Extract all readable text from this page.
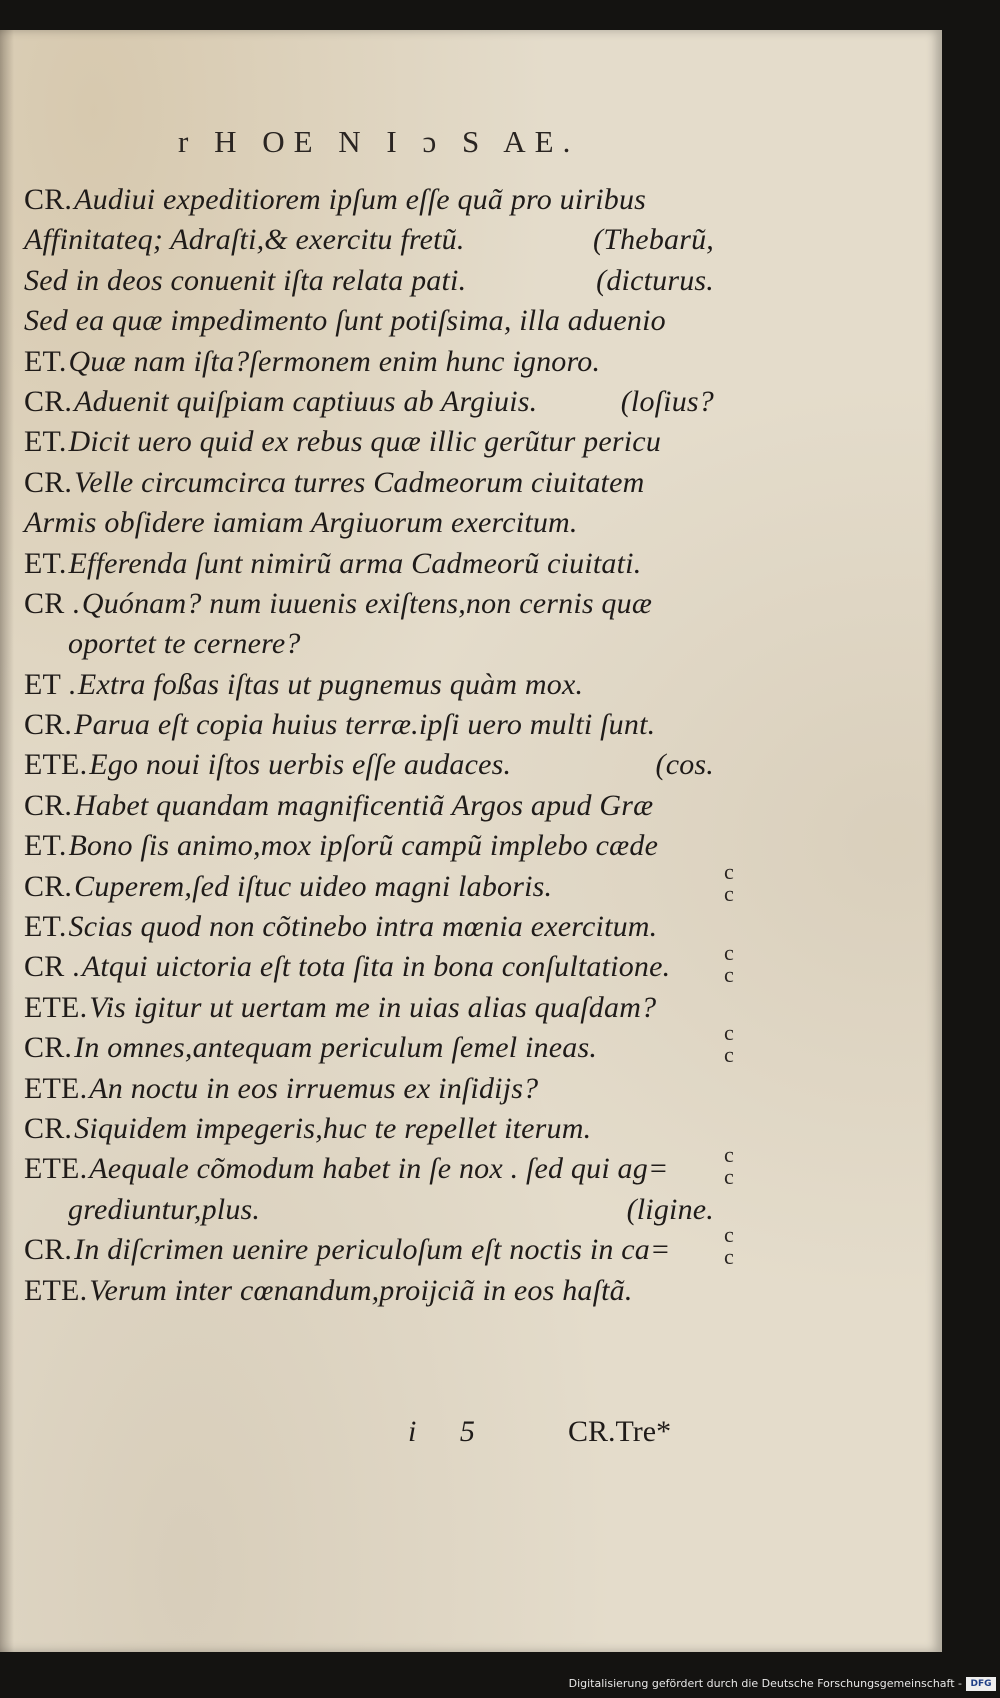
r H OE N I ɔ S AE.
CR.Audiui expeditiorem ipſum eſſe quã pro uiribus
Affinitateq; Adraſti,& exercitu fretũ.	(Thebarũ,
Sed in deos conuenit iſta relata pati.	(dicturus.
Sed ea quæ impedimento ſunt potiſsima, illa aduenio
ET.Quæ nam iſta?ſermonem enim hunc ignoro.
CR.Aduenit quiſpiam captiuus ab Argiuis.	(loſius?
ET.Dicit uero quid ex rebus quæ illic gerũtur pericu
CR.Velle circumcirca turres Cadmeorum ciuitatem
Armis obſidere iamiam Argiuorum exercitum.
ET.Efferenda ſunt nimirũ arma Cadmeorũ ciuitati.
CR .Quónam? num iuuenis exiſtens,non cernis quæ
oportet te cernere?
ET .Extra foßas iſtas ut pugnemus quàm mox.
CR.Parua eſt copia huius terræ.ipſi uero multi ſunt.
ETE.Ego noui iſtos uerbis eſſe audaces.	(cos.
CR.Habet quandam magnificentiã Argos apud Græ
ET.Bono ſis animo,mox ipſorũ campũ implebo cæde
CR.Cuperem,ſed iſtuc uideo magni laboris.
ET.Scias quod non cõtinebo intra mœnia exercitum.
CR .Atqui uictoria eſt tota ſita in bona conſultatione.
ETE.Vis igitur ut uertam me in uias alias quaſdam?
CR.In omnes,antequam periculum ſemel ineas.
ETE.An noctu in eos irruemus ex inſidijs?
CR.Siquidem impegeris,huc te repellet iterum.
ETE.Aequale cõmodum habet in ſe nox . ſed qui ag=
grediuntur,plus.	(ligine.
CR.In diſcrimen uenire periculoſum eſt noctis in ca=
ETE.Verum inter cœnandum,proijciã in eos haſtã.
c c
c c
c c
c c
c c
i 5	CR.Tre*
Digitalisierung gefördert durch die Deutsche Forschungsgemeinschaft - DFG
